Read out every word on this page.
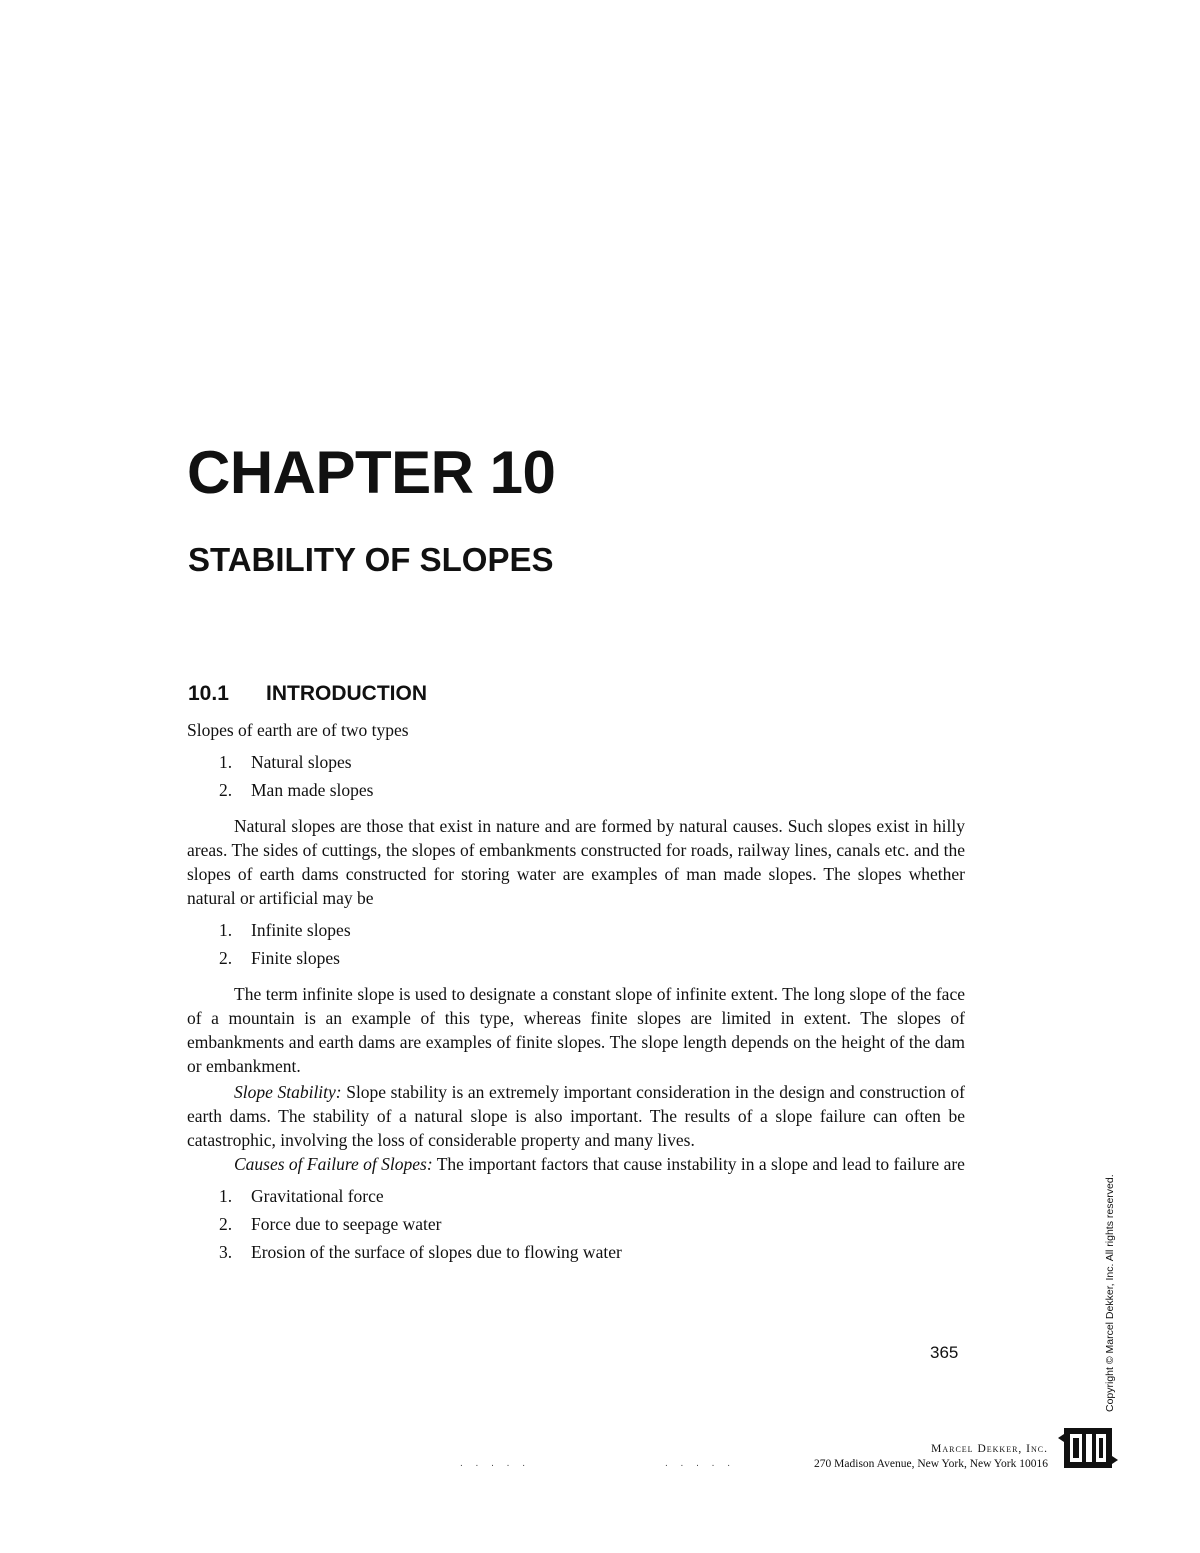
CHAPTER 10
STABILITY OF SLOPES
10.1 INTRODUCTION

Slopes of earth are of two types

1. Natural slopes
2. Man made slopes

Natural slopes are those that exist in nature and are formed by natural causes. Such slopes exist in hilly areas. The sides of cuttings, the slopes of embankments constructed for roads, railway lines, canals etc. and the slopes of earth dams constructed for storing water are examples of man made slopes. The slopes whether natural or artificial may be

1. Infinite slopes
2. Finite slopes

The term infinite slope is used to designate a constant slope of infinite extent. The long slope of the face of a mountain is an example of this type, whereas finite slopes are limited in extent. The slopes of embankments and earth dams are examples of finite slopes. The slope length depends on the height of the dam or embankment.

Slope Stability: Slope stability is an extremely important consideration in the design and construction of earth dams. The stability of a natural slope is also important. The results of a slope failure can often be catastrophic, involving the loss of considerable property and many lives.

Causes of Failure of Slopes: The important factors that cause instability in a slope and lead to failure are

1. Gravitational force
2. Force due to seepage water
3. Erosion of the surface of slopes due to flowing water
365	Copyright © Marcel Dekker, Inc. All rights reserved.
. . . . .	. . . . .
Marcel Dekker, Inc.
270 Madison Avenue, New York, New York 10016
